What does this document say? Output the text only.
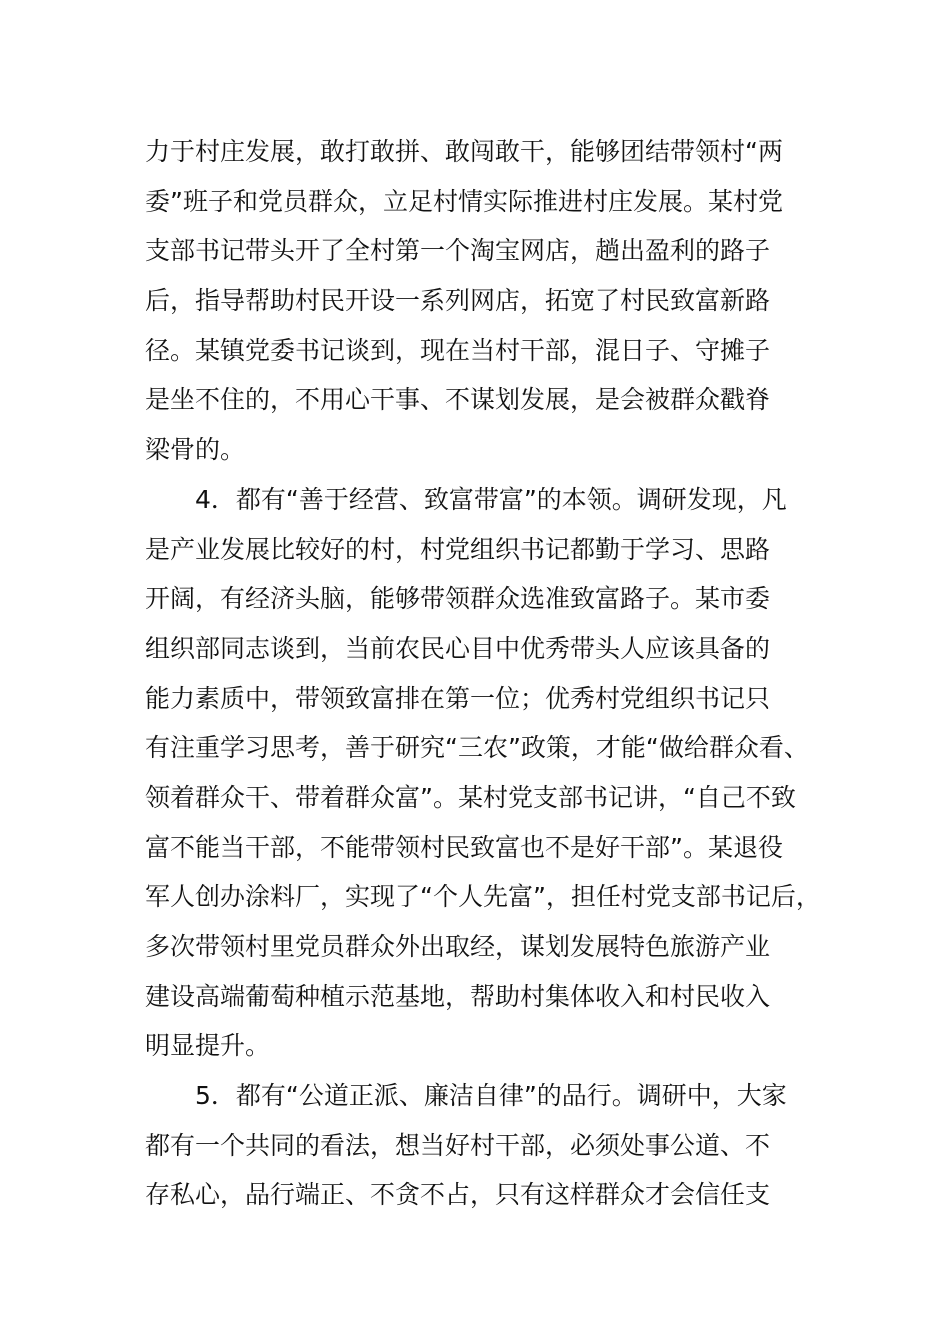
力于村庄发展，敢打敢拼、敢闯敢干，能够团结带领村“两
委”班子和党员群众，立足村情实际推进村庄发展。某村党
支部书记带头开了全村第一个淘宝网店，趟出盈利的路子
后，指导帮助村民开设一系列网店，拓宽了村民致富新路
径。某镇党委书记谈到，现在当村干部，混日子、守摊子
是坐不住的，不用心干事、不谋划发展，是会被群众戳脊
梁骨的。
4．都有“善于经营、致富带富”的本领。调研发现，凡
是产业发展比较好的村，村党组织书记都勤于学习、思路
开阔，有经济头脑，能够带领群众选准致富路子。某市委
组织部同志谈到，当前农民心目中优秀带头人应该具备的
能力素质中，带领致富排在第一位；优秀村党组织书记只
有注重学习思考，善于研究“三农”政策，才能“做给群众看、
领着群众干、带着群众富”。某村党支部书记讲，“自己不致
富不能当干部，不能带领村民致富也不是好干部”。某退役
军人创办涂料厂，实现了“个人先富”，担任村党支部书记后，
多次带领村里党员群众外出取经，谋划发展特色旅游产业
建设高端葡萄种植示范基地，帮助村集体收入和村民收入
明显提升。
5．都有“公道正派、廉洁自律”的品行。调研中，大家
都有一个共同的看法，想当好村干部，必须处事公道、不
存私心，品行端正、不贪不占，只有这样群众才会信任支
